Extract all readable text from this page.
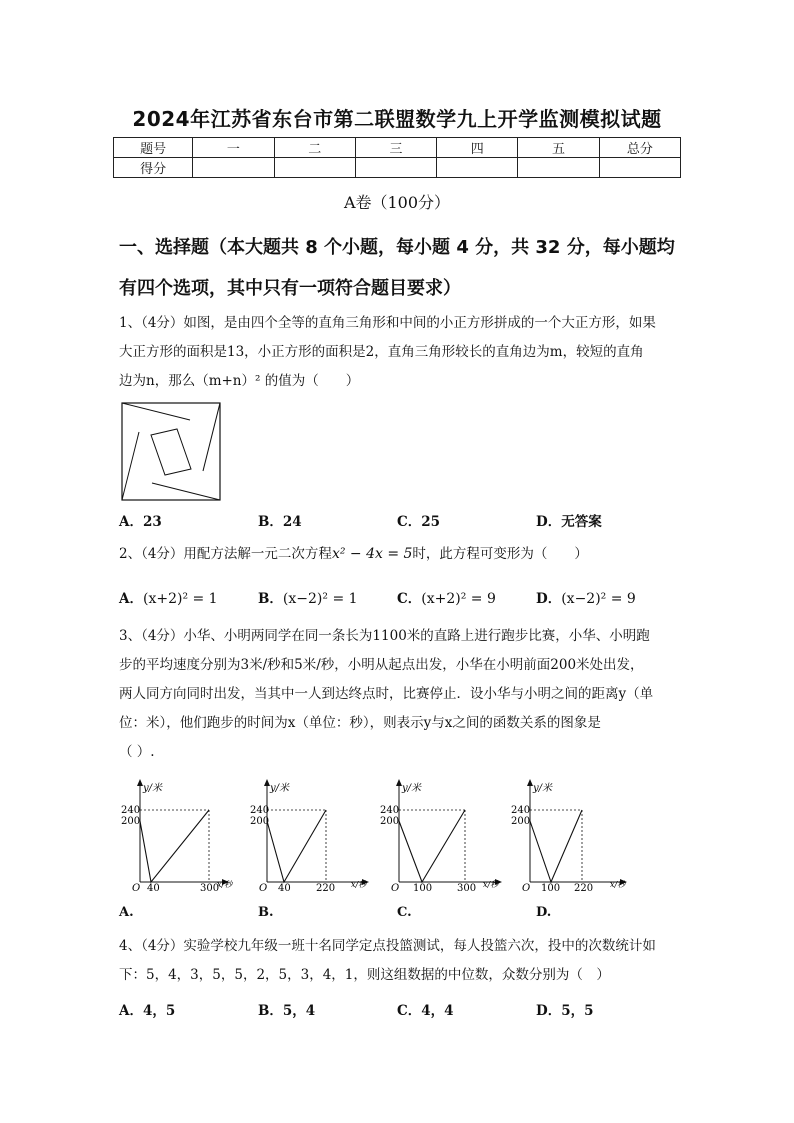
2024年江苏省东台市第二联盟数学九上开学监测模拟试题
题号	一	二	三	四	五	总分
得分						
A卷（100分）
一、选择题（本大题共 8 个小题，每小题 4 分，共 32 分，每小题均
有四个选项，其中只有一项符合题目要求）
1、（4分）如图，是由四个全等的直角三角形和中间的小正方形拼成的一个大正方形，如果
大正方形的面积是13，小正方形的面积是2，直角三角形较长的直角边为m，较短的直角
边为n，那么（m+n）² 的值为（　　）
A．23	B．24	C．25	D．无答案
2、（4分）用配方法解一元二次方程x² − 4x = 5时，此方程可变形为（　　）
A．(x+2)² = 1	B．(x−2)² = 1	C．(x+2)² = 9	D．(x−2)² = 9
3、（4分）小华、小明两同学在同一条长为1100米的直路上进行跑步比赛，小华、小明跑
步的平均速度分别为3米/秒和5米/秒，小明从起点出发，小华在小明前面200米处出发，
两人同方向同时出发，当其中一人到达终点时，比赛停止．设小华与小明之间的距离y（单
位：米），他们跑步的时间为x（单位：秒），则表示y与x之间的函数关系的图象是
（ ）.
y/米
240
200
O 40	300
x/秒
A.
y/米
240
200
O 40	220 x/秒
B.
y/米
240
200
O 100 300 x/秒
C.
y/米
240
200
O 100 220 x/秒
D.
4、（4分）实验学校九年级一班十名同学定点投篮测试，每人投篮六次，投中的次数统计如
下：5，4，3，5，5，2，5，3，4，1，则这组数据的中位数，众数分别为（　）
A．4，5	B．5，4	C．4，4	D．5，5
